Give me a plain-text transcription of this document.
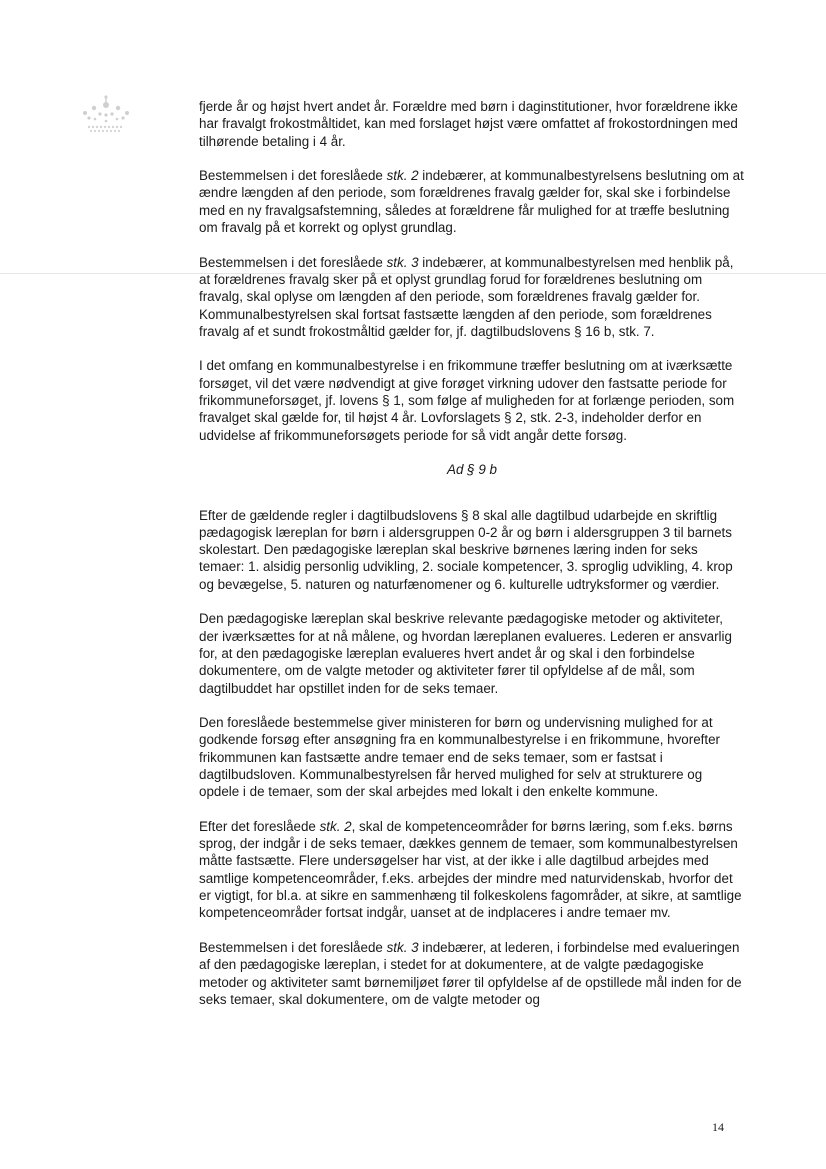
fjerde år og højst hvert andet år. Forældre med børn i daginstitutioner, hvor forældrene ikke har fravalgt frokostmåltidet, kan med forslaget højst være omfattet af frokostordningen med tilhørende betaling i 4 år.

Bestemmelsen i det foreslåede stk. 2 indebærer, at kommunalbestyrelsens beslutning om at ændre længden af den periode, som forældrenes fravalg gælder for, skal ske i forbindelse med en ny fravalgsafstemning, således at forældrene får mulighed for at træffe beslutning om fravalg på et korrekt og oplyst grundlag.

Bestemmelsen i det foreslåede stk. 3 indebærer, at kommunalbestyrelsen med henblik på, at forældrenes fravalg sker på et oplyst grundlag forud for forældrenes beslutning om fravalg, skal oplyse om længden af den periode, som forældrenes fravalg gælder for. Kommunalbestyrelsen skal fortsat fastsætte længden af den periode, som forældrenes fravalg af et sundt frokostmåltid gælder for, jf. dagtilbudslovens § 16 b, stk. 7.

I det omfang en kommunalbestyrelse i en frikommune træffer beslutning om at iværksætte forsøget, vil det være nødvendigt at give forøget virkning udover den fastsatte periode for frikommuneforsøget, jf. lovens § 1, som følge af muligheden for at forlænge perioden, som fravalget skal gælde for, til højst 4 år. Lovforslagets § 2, stk. 2-3, indeholder derfor en udvidelse af frikommuneforsøgets periode for så vidt angår dette forsøg.

Ad § 9 b

Efter de gældende regler i dagtilbudslovens § 8 skal alle dagtilbud udarbejde en skriftlig pædagogisk læreplan for børn i aldersgruppen 0-2 år og børn i aldersgruppen 3 til barnets skolestart. Den pædagogiske læreplan skal beskrive børnenes læring inden for seks temaer: 1. alsidig personlig udvikling, 2. sociale kompetencer, 3. sproglig udvikling, 4. krop og bevægelse, 5. naturen og naturfænomener og 6. kulturelle udtryksformer og værdier.

Den pædagogiske læreplan skal beskrive relevante pædagogiske metoder og aktiviteter, der iværksættes for at nå målene, og hvordan læreplanen evalueres. Lederen er ansvarlig for, at den pædagogiske læreplan evalueres hvert andet år og skal i den forbindelse dokumentere, om de valgte metoder og aktiviteter fører til opfyldelse af de mål, som dagtilbuddet har opstillet inden for de seks temaer.

Den foreslåede bestemmelse giver ministeren for børn og undervisning mulighed for at godkende forsøg efter ansøgning fra en kommunalbestyrelse i en frikommune, hvorefter frikommunen kan fastsætte andre temaer end de seks temaer, som er fastsat i dagtilbudsloven. Kommunalbestyrelsen får herved mulighed for selv at strukturere og opdele i de temaer, som der skal arbejdes med lokalt i den enkelte kommune.

Efter det foreslåede stk. 2, skal de kompetenceområder for børns læring, som f.eks. børns sprog, der indgår i de seks temaer, dækkes gennem de temaer, som kommunalbestyrelsen måtte fastsætte. Flere undersøgelser har vist, at der ikke i alle dagtilbud arbejdes med samtlige kompetenceområder, f.eks. arbejdes der mindre med naturvidenskab, hvorfor det er vigtigt, for bl.a. at sikre en sammenhæng til folkeskolens fagområder, at sikre, at samtlige kompetenceområder fortsat indgår, uanset at de indplaceres i andre temaer mv.

Bestemmelsen i det foreslåede stk. 3 indebærer, at lederen, i forbindelse med evalueringen af den pædagogiske læreplan, i stedet for at dokumentere, at de valgte pædagogiske metoder og aktiviteter samt børnemiljøet fører til opfyldelse af de opstillede mål inden for de seks temaer, skal dokumentere, om de valgte metoder og

14
